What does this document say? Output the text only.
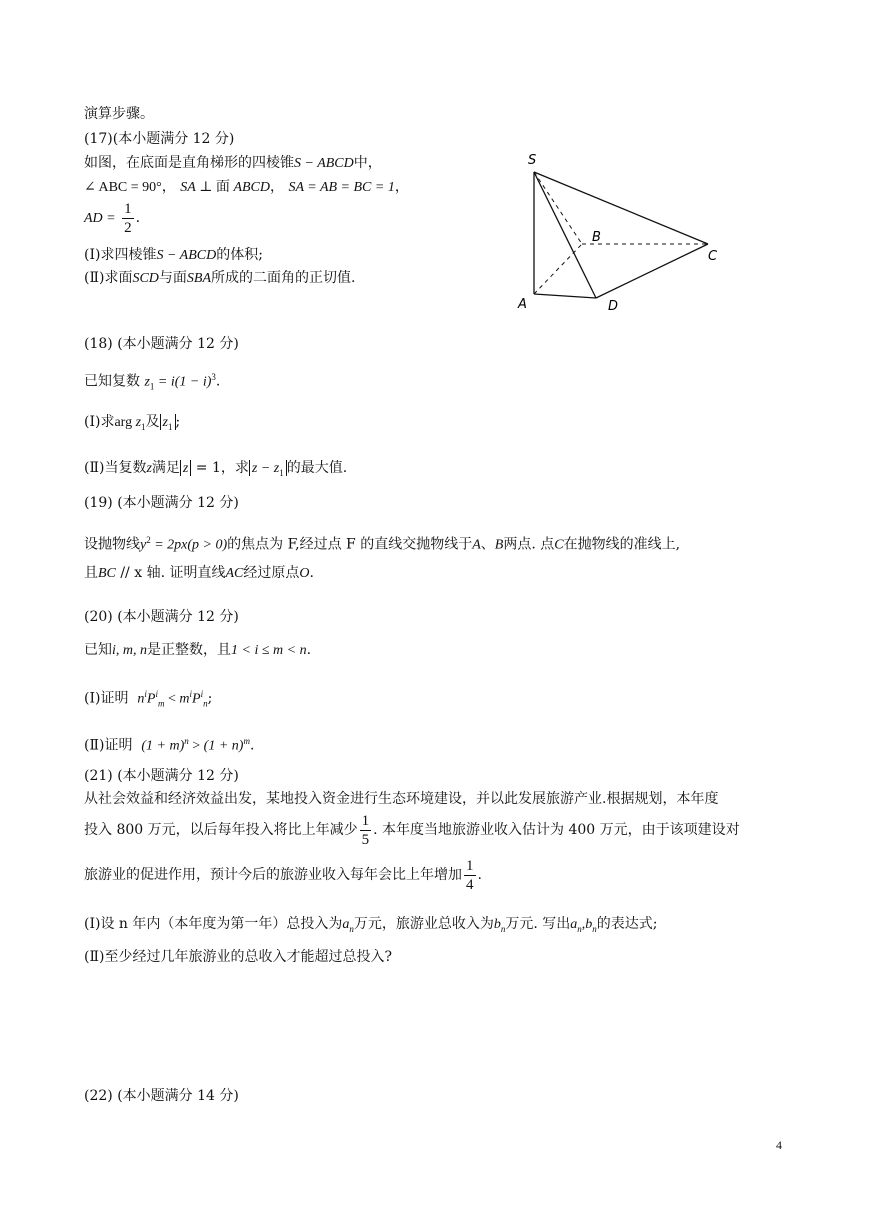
演算步骤。
(17)(本小题满分 12 分)
如图，在底面是直角梯形的四棱锥S − ABCD中，
∠ ABC = 90°， SA ⊥ 面 ABCD， SA = AB = BC = 1，
AD = $\frac{1}{2}$ .
(Ⅰ)求四棱锥S − ABCD的体积;
(Ⅱ)求面SCD与面SBA所成的二面角的正切值.
S
B
C
A	D
(18) (本小题满分 12 分)
已知复数 $z_1 = i(1 - i)^3$.
(Ⅰ)求arg $z_1$及 $z_1$ ;
(Ⅱ)当复数z满足 z = 1，求 $z - z_1$ 的最大值.
(19) (本小题满分 12 分)
设抛物线$y^2 = 2px(p > 0)$的焦点为 F,经过点 F 的直线交抛物线于A、B两点. 点C在抛物线的准线上,
且BC // x 轴. 证明直线AC经过原点O.
(20) (本小题满分 12 分)
已知i, m, n是正整数，且1 < i ≤ m < n.
(Ⅰ)证明 $n^iP^i_m < m^iP^i_n$;
(Ⅱ)证明 $(1 + m)^n > (1 + n)^m$.
(21) (本小题满分 12 分)
从社会效益和经济效益出发，某地投入资金进行生态环境建设，并以此发展旅游产业.根据规划，本年度
投入 800 万元，以后每年投入将比上年减少 $\frac{1}{5}$ . 本年度当地旅游业收入估计为 400 万元，由于该项建设对
旅游业的促进作用，预计今后的旅游业收入每年会比上年增加 $\frac{1}{4}$ .
(Ⅰ)设 n 年内（本年度为第一年）总投入为$a_n$万元，旅游业总收入为$b_n$万元. 写出$a_n,b_n$的表达式;
(Ⅱ)至少经过几年旅游业的总收入才能超过总投入?
(22) (本小题满分 14 分)
4
